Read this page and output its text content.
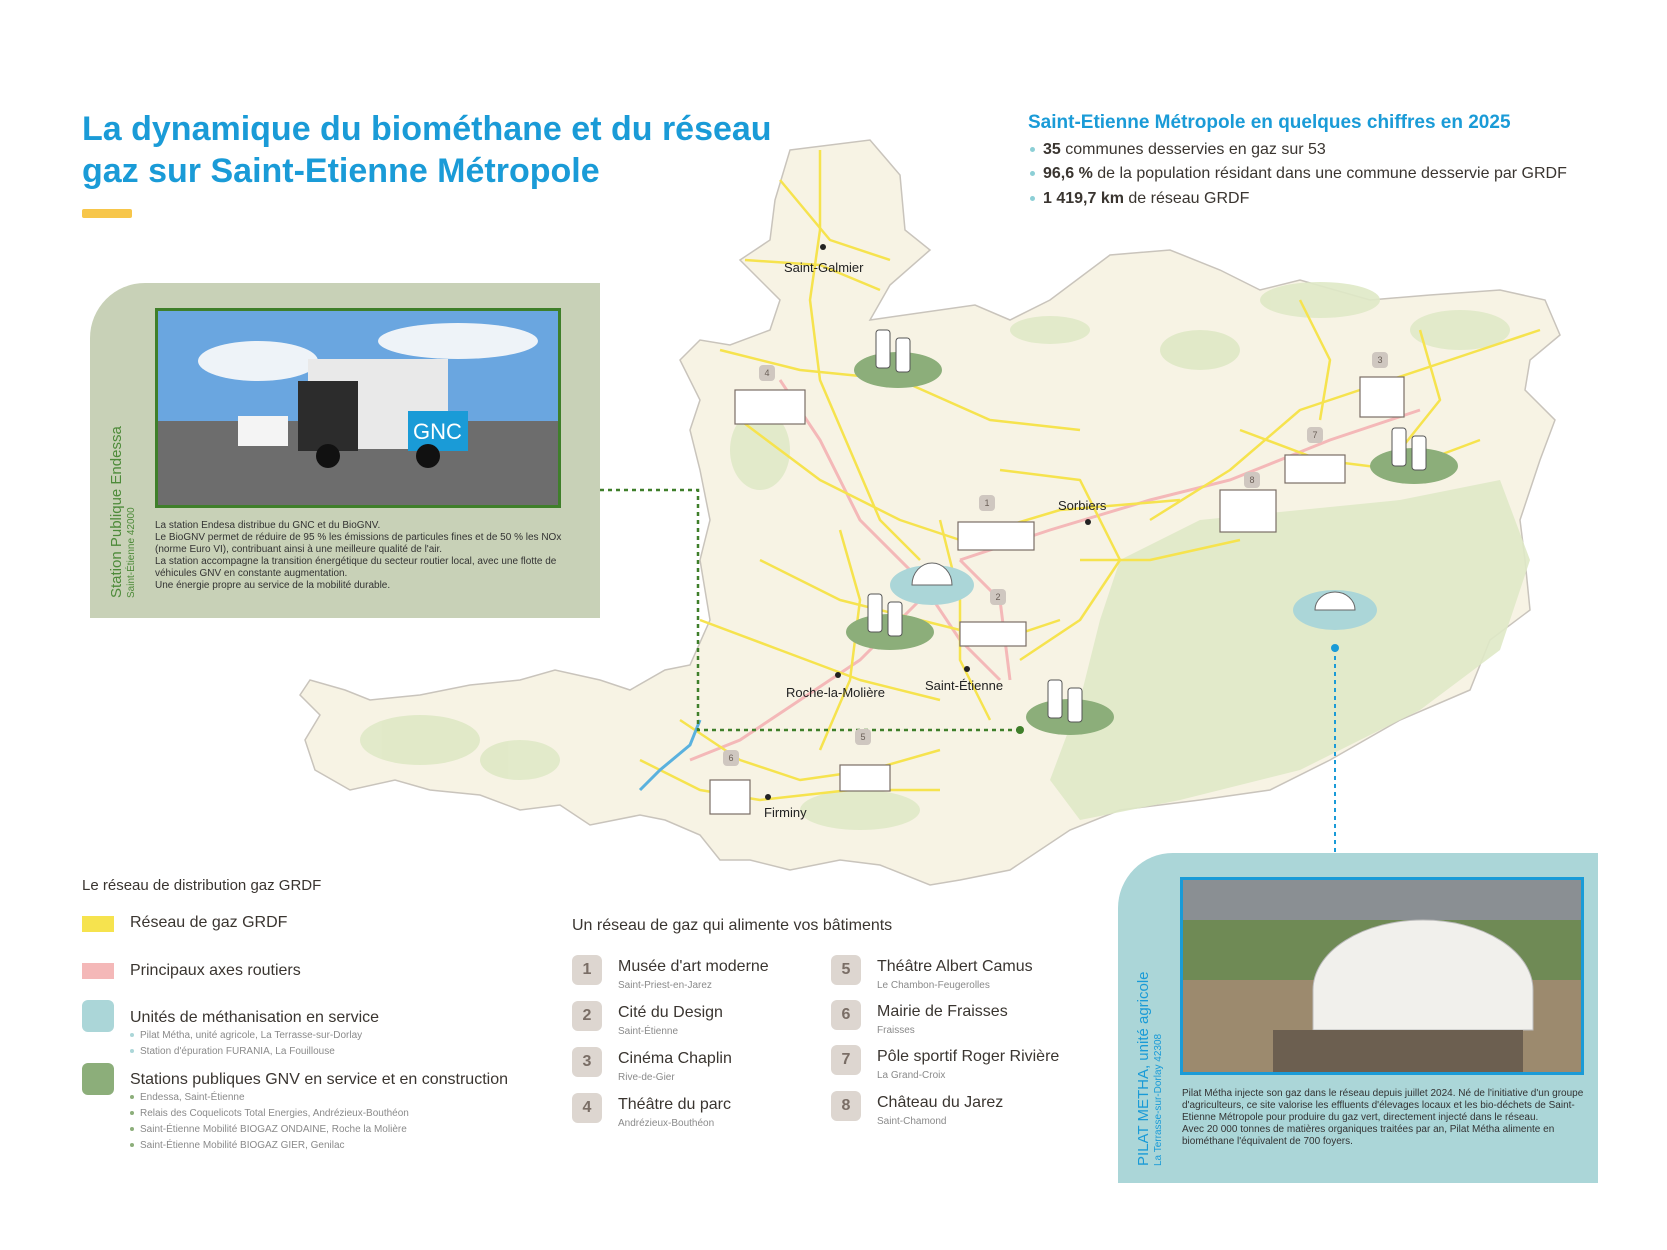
La dynamique du biométhane et du réseau gaz sur Saint-Etienne Métropole
Saint-Etienne Métropole en quelques chiffres en 2025
35 communes desservies en gaz sur 53
96,6 % de la population résidant dans une commune desservie par GRDF
1 419,7 km de réseau GRDF
Saint-Galmier
Sorbiers
Roche-la-Molière	Saint-Étienne
Firminy
1
2
3
4
5
6
7
8
GNC
Station Publique Endessa Saint-Étienne 42000 La station Endesa distribue du GNC et du BioGNV.
Le BioGNV permet de réduire de 95 % les émissions de particules fines et de 50 % les NOx (norme Euro VI), contribuant ainsi à une meilleure qualité de l'air.
La station accompagne la transition énergétique du secteur routier local, avec une flotte de véhicules GNV en constante augmentation.
Une énergie propre au service de la mobilité durable.
PILAT METHA, unité agricole La Terrasse-sur-Dorlay 42308 Pilat Métha injecte son gaz dans le réseau depuis juillet 2024. Né de l'initiative d'un groupe d'agriculteurs, ce site valorise les effluents d'élevages locaux et les bio-déchets de Saint-Etienne Métropole pour produire du gaz vert, directement injecté dans le réseau.
Avec 20 000 tonnes de matières organiques traitées par an, Pilat Métha alimente en biométhane l'équivalent de 700 foyers.
Le réseau de distribution gaz GRDF
Réseau de gaz GRDF
Principaux axes routiers
Unités de méthanisation en service
Pilat Métha, unité agricole, La Terrasse-sur-Dorlay
Station d'épuration FURANIA, La Fouillouse
Stations publiques GNV en service et en construction
Endessa, Saint-Étienne
Relais des Coquelicots Total Energies, Andrézieux-Bouthéon
Saint-Étienne Mobilité BIOGAZ ONDAINE, Roche la Molière
Saint-Étienne Mobilité BIOGAZ GIER, Genilac
Un réseau de gaz qui alimente vos bâtiments
1	Musée d'art moderne
Saint-Priest-en-Jarez
2	Cité du Design
Saint-Étienne
3	Cinéma Chaplin
Rive-de-Gier
4	Théâtre du parc
Andrézieux-Bouthéon
5	Théâtre Albert Camus
Le Chambon-Feugerolles
6	Mairie de Fraisses
Fraisses
7	Pôle sportif Roger Rivière
La Grand-Croix
8	Château du Jarez
Saint-Chamond
